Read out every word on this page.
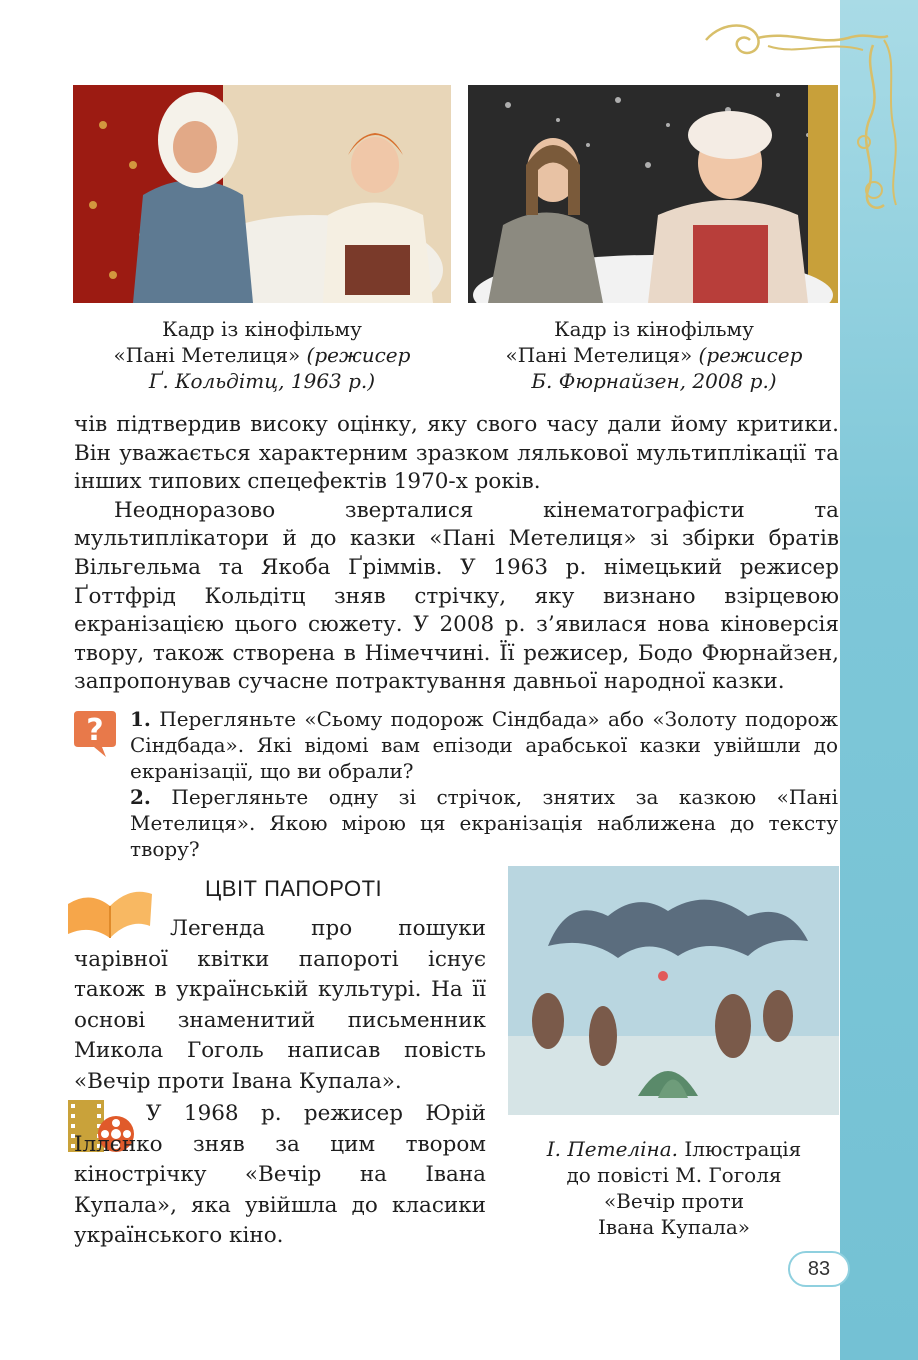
Кадр із кінофільму
«Пані Метелиця» (режисер
Ґ. Кольдітц, 1963 р.)
Кадр із кінофільму
«Пані Метелиця» (режисер
Б. Фюрнайзен, 2008 р.)

чів підтвердив високу оцінку, яку свого часу дали йому критики. Він уважається характерним зразком лялькової мультиплікації та інших типових спецефектів 1970-х років.

Неодноразово зверталися кінематографісти та мультиплікатори й до казки «Пані Метелиця» зі збірки братів Вільгельма та Якоба Ґріммів. У 1963 р. німецький режисер Ґоттфрід Кольдітц зняв стрічку, яку визнано взірцевою екранізацією цього сюжету. У 2008 р. з’явилася нова кіноверсія твору, також створена в Німеччині. Її режисер, Бодо Фюрнайзен, запропонував сучасне потрактування давньої народної казки.

? 1. Перегляньте «Сьому подорож Сіндбада» або «Золоту подорож Сіндбада». Які відомі вам епізоди арабської казки увійшли до екранізації, що ви обрали?

2. Перегляньте одну зі стрічок, знятих за казкою «Пані Метелиця». Якою мірою ця екранізація наближена до тексту твору?

ЦВІТ ПАПОРОТІ

Легенда про пошуки чарівної квітки папороті існує також в українській культурі. На її основі знаменитий письменник Микола Гоголь написав повість «Вечір проти Івана Купала».

У 1968 р. режисер Юрій Іллєнко зняв за цим твором кінострічку «Вечір на Івана Купала», яка увійшла до класики українського кіно.

І. Петеліна. Ілюстрація
до повісті М. Гоголя
«Вечір проти
Івана Купала»
83
